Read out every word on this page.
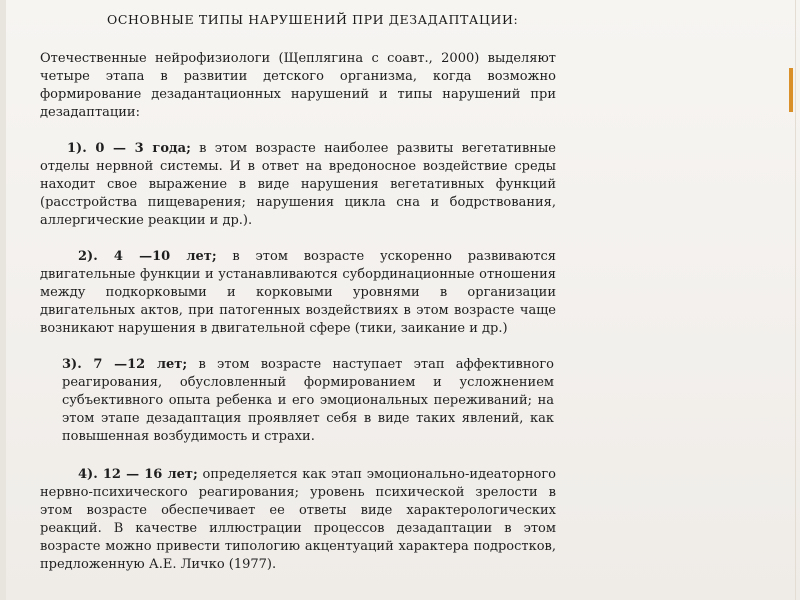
ОСНОВНЫЕ ТИПЫ НАРУШЕНИЙ ПРИ ДЕЗАДАПТАЦИИ:
Отечественные нейрофизиологи (Щеплягина с соавт., 2000) выделяют четыре этапа в развитии детского организма, когда возможно формирование дезадантационных нарушений и типы нарушений при дезадаптации:
1). 0 — 3 года; в этом возрасте наиболее развиты вегетативные отделы нервной системы. И в ответ на вредоносное воздействие среды находит свое выражение в виде нарушения вегетативных функций (расстройства пищеварения; нарушения цикла сна и бодрствования, аллергические реакции и др.).
2). 4 —10 лет; в этом возрасте ускоренно развиваются двигательные функции и устанавливаются субординационные отношения между подкорковыми и корковыми уровнями в организации двигательных актов, при патогенных воздействиях в этом возрасте чаще возникают нарушения в двигательной сфере (тики, заикание и др.)
3). 7 —12 лет; в этом возрасте наступает этап аффективного реагирования, обусловленный формированием и усложнением субъективного опыта ребенка и его эмоциональных переживаний; на этом этапе дезадаптация проявляет себя в виде таких явлений, как повышенная возбудимость и страхи.
4). 12 — 16 лет; определяется как этап эмоционально-идеаторного нервно-психического реагирования; уровень психической зрелости в этом возрасте обеспечивает ее ответы виде характерологических реакций. В качестве иллюстрации процессов дезадаптации в этом возрасте можно привести типологию акцентуаций характера подростков, предложенную А.Е. Личко (1977).
